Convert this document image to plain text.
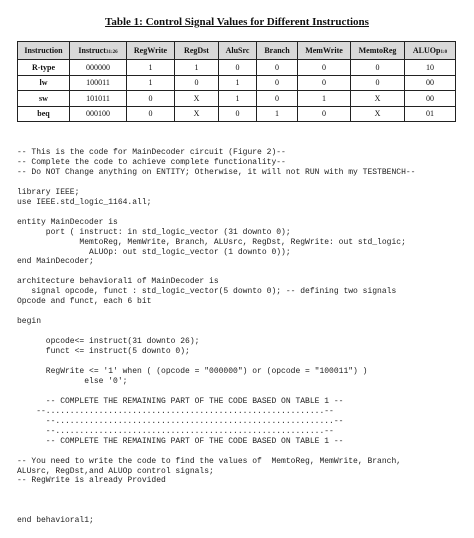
Table 1: Control Signal Values for Different Instructions
Instruction	Instruct31:26	RegWrite	RegDst	AluSrc	Branch	MemWrite	MemtoReg	ALUOp1:0
R-type	000000	1	1	0	0	0	0	10
lw	100011	1	0	1	0	0	0	00
sw	101011	0	X	1	0	1	X	00
beq	000100	0	X	0	1	0	X	01
-- This is the code for MainDecoder circuit (Figure 2)--
-- Complete the code to achieve complete functionality--
-- Do NOT Change anything on ENTITY; Otherwise, it will not RUN with my TESTBENCH--

library IEEE;
use IEEE.std_logic_1164.all;

entity MainDecoder is
port ( instruct: in std_logic_vector (31 downto 0);
MemtoReg, MemWrite, Branch, ALUsrc, RegDst, RegWrite: out std_logic;
ALUOp: out std_logic_vector (1 downto 0));
end MainDecoder;

architecture behavioral1 of MainDecoder is
signal opcode, funct : std_logic_vector(5 downto 0); -- defining two signals
Opcode and funct, each 6 bit

begin

opcode<= instruct(31 downto 26);
funct <= instruct(5 downto 0);

RegWrite <= '1' when ( (opcode = "000000") or (opcode = "100011") )
else '0';

-- COMPLETE THE REMAINING PART OF THE CODE BASED ON TABLE 1 --
--..........................................................--
--..........................................................--
--........................................................--
-- COMPLETE THE REMAINING PART OF THE CODE BASED ON TABLE 1 --

-- You need to write the code to find the values of  MemtoReg, MemWrite, Branch,
ALUsrc, RegDst,and ALUOp control signals;
-- RegWrite is already Provided

end behavioral1;
